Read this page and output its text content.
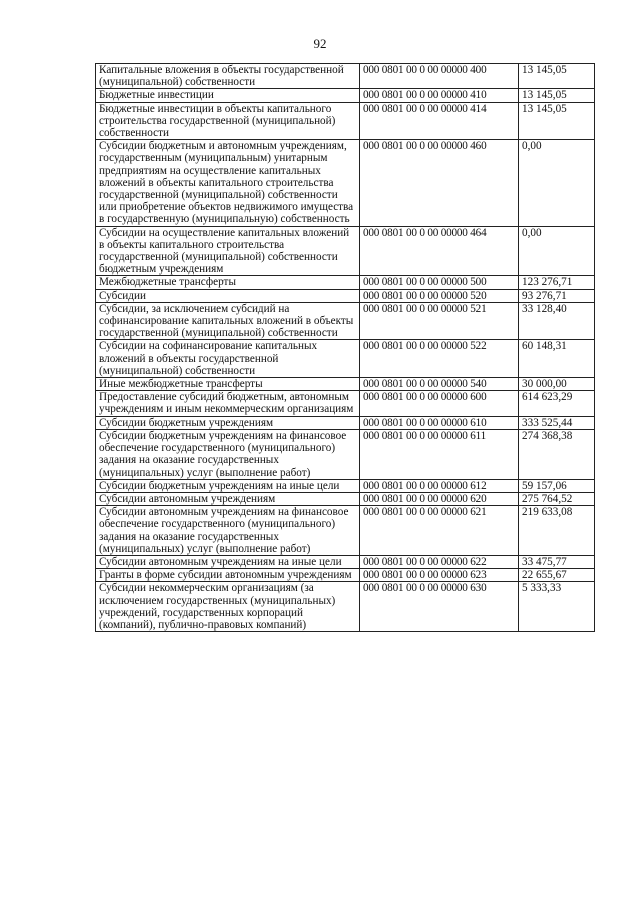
92
Капитальные вложения в объекты государственной (муниципальной) собственности	000 0801 00 0 00 00000 400	13 145,05
Бюджетные инвестиции	000 0801 00 0 00 00000 410	13 145,05
Бюджетные инвестиции в объекты капитального строительства государственной (муниципальной) собственности	000 0801 00 0 00 00000 414	13 145,05
Субсидии бюджетным и автономным учреждениям, государственным (муниципальным) унитарным предприятиям на осуществление капитальных вложений в объекты капитального строительства государственной (муниципальной) собственности или приобретение объектов недвижимого имущества в государственную (муниципальную) собственность	000 0801 00 0 00 00000 460	0,00
Субсидии на осуществление капитальных вложений в объекты капитального строительства государственной (муниципальной) собственности бюджетным учреждениям	000 0801 00 0 00 00000 464	0,00
Межбюджетные трансферты	000 0801 00 0 00 00000 500	123 276,71
Субсидии	000 0801 00 0 00 00000 520	93 276,71
Субсидии, за исключением субсидий на софинансирование капитальных вложений в объекты государственной (муниципальной) собственности	000 0801 00 0 00 00000 521	33 128,40
Субсидии на софинансирование капитальных вложений в объекты государственной (муниципальной) собственности	000 0801 00 0 00 00000 522	60 148,31
Иные межбюджетные трансферты	000 0801 00 0 00 00000 540	30 000,00
Предоставление субсидий бюджетным, автономным учреждениям и иным некоммерческим организациям	000 0801 00 0 00 00000 600	614 623,29
Субсидии бюджетным учреждениям	000 0801 00 0 00 00000 610	333 525,44
Субсидии бюджетным учреждениям на финансовое обеспечение государственного (муниципального) задания на оказание государственных (муниципальных) услуг (выполнение работ)	000 0801 00 0 00 00000 611	274 368,38
Субсидии бюджетным учреждениям на иные цели	000 0801 00 0 00 00000 612	59 157,06
Субсидии автономным учреждениям	000 0801 00 0 00 00000 620	275 764,52
Субсидии автономным учреждениям на финансовое обеспечение государственного (муниципального) задания на оказание государственных (муниципальных) услуг (выполнение работ)	000 0801 00 0 00 00000 621	219 633,08
Субсидии автономным учреждениям на иные цели	000 0801 00 0 00 00000 622	33 475,77
Гранты в форме субсидии автономным учреждениям	000 0801 00 0 00 00000 623	22 655,67
Субсидии некоммерческим организациям (за исключением государственных (муниципальных) учреждений, государственных корпораций (компаний), публично-правовых компаний)	000 0801 00 0 00 00000 630	5 333,33
